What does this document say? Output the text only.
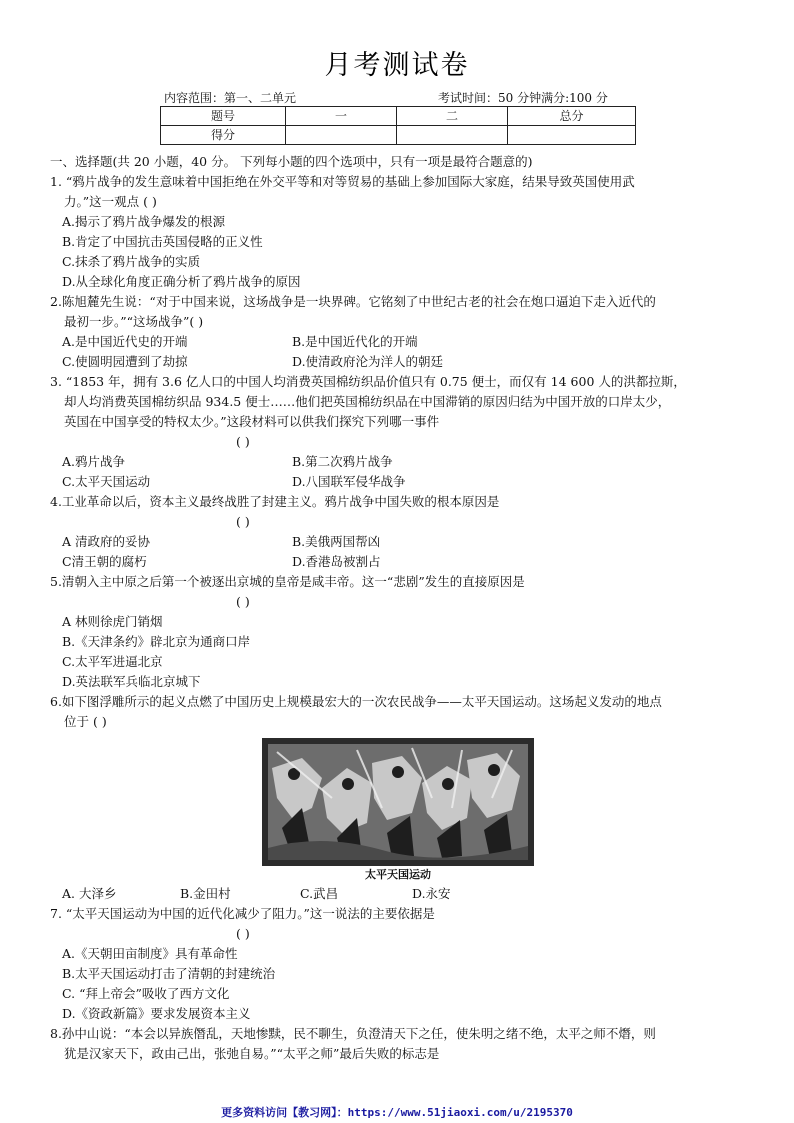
月考测试卷
内容范围：第一、二单元	考试时间：50 分钟满分:100 分
题号	一	二	总分
得分			

一、选择题(共 20 小题，40 分。 下列每小题的四个选项中，只有一项是最符合题意的)

1. “鸦片战争的发生意味着中国拒绝在外交平等和对等贸易的基础上参加国际大家庭，结果导致英国使用武

力。”这一观点 ( )

A.揭示了鸦片战争爆发的根源

B.肯定了中国抗击英国侵略的正义性

C.抹杀了鸦片战争的实质

D.从全球化角度正确分析了鸦片战争的原因

2.陈旭麓先生说：“对于中国来说，这场战争是一块界碑。它铭刻了中世纪古老的社会在炮口逼迫下走入近代的

最初一步。”“这场战争”( )

A.是中国近代史的开端	B.是中国近代化的开端

C.使圆明园遭到了劫掠	D.使清政府沦为洋人的朝廷

3. “1853 年，拥有 3.6 亿人口的中国人均消费英国棉纺织品价值只有 0.75 便士，而仅有 14 600 人的洪都拉斯，

却人均消费英国棉纺织品 934.5 便士……他们把英国棉纺织品在中国滞销的原因归结为中国开放的口岸太少，

英国在中国享受的特权太少。”这段材料可以供我们探究下列哪一事件

( )

A.鸦片战争	B.第二次鸦片战争

C.太平天国运动	D.八国联军侵华战争

4.工业革命以后，资本主义最终战胜了封建主义。鸦片战争中国失败的根本原因是

( )

A 清政府的妥协	B.美俄两国帮凶

C清王朝的腐朽	D.香港岛被割占

5.清朝入主中原之后第一个被逐出京城的皇帝是咸丰帝。这一“悲剧”发生的直接原因是

( )

A 林则徐虎门销烟

B.《天津条约》辟北京为通商口岸

C.太平军进逼北京

D.英法联军兵临北京城下

6.如下图浮雕所示的起义点燃了中国历史上规模最宏大的一次农民战争——太平天国运动。这场起义发动的地点

位于 ( )

太平天国运动

A. 大泽乡	B.金田村	C.武昌	D.永安

7. “太平天国运动为中国的近代化减少了阻力。”这一说法的主要依据是

( )

A.《天朝田亩制度》具有革命性

B.太平天国运动打击了清朝的封建统治

C. “拜上帝会”吸收了西方文化

D.《资政新篇》要求发展资本主义

8.孙中山说：“本会以异族僭乱，天地惨黩，民不聊生，负澄清天下之任，使朱明之绪不绝，太平之师不熸，则

犹是汉家天下，政由己出，张弛自易。”“太平之师”最后失败的标志是

更多资料访问【教习网】：https://www.51jiaoxi.com/u/2195370
